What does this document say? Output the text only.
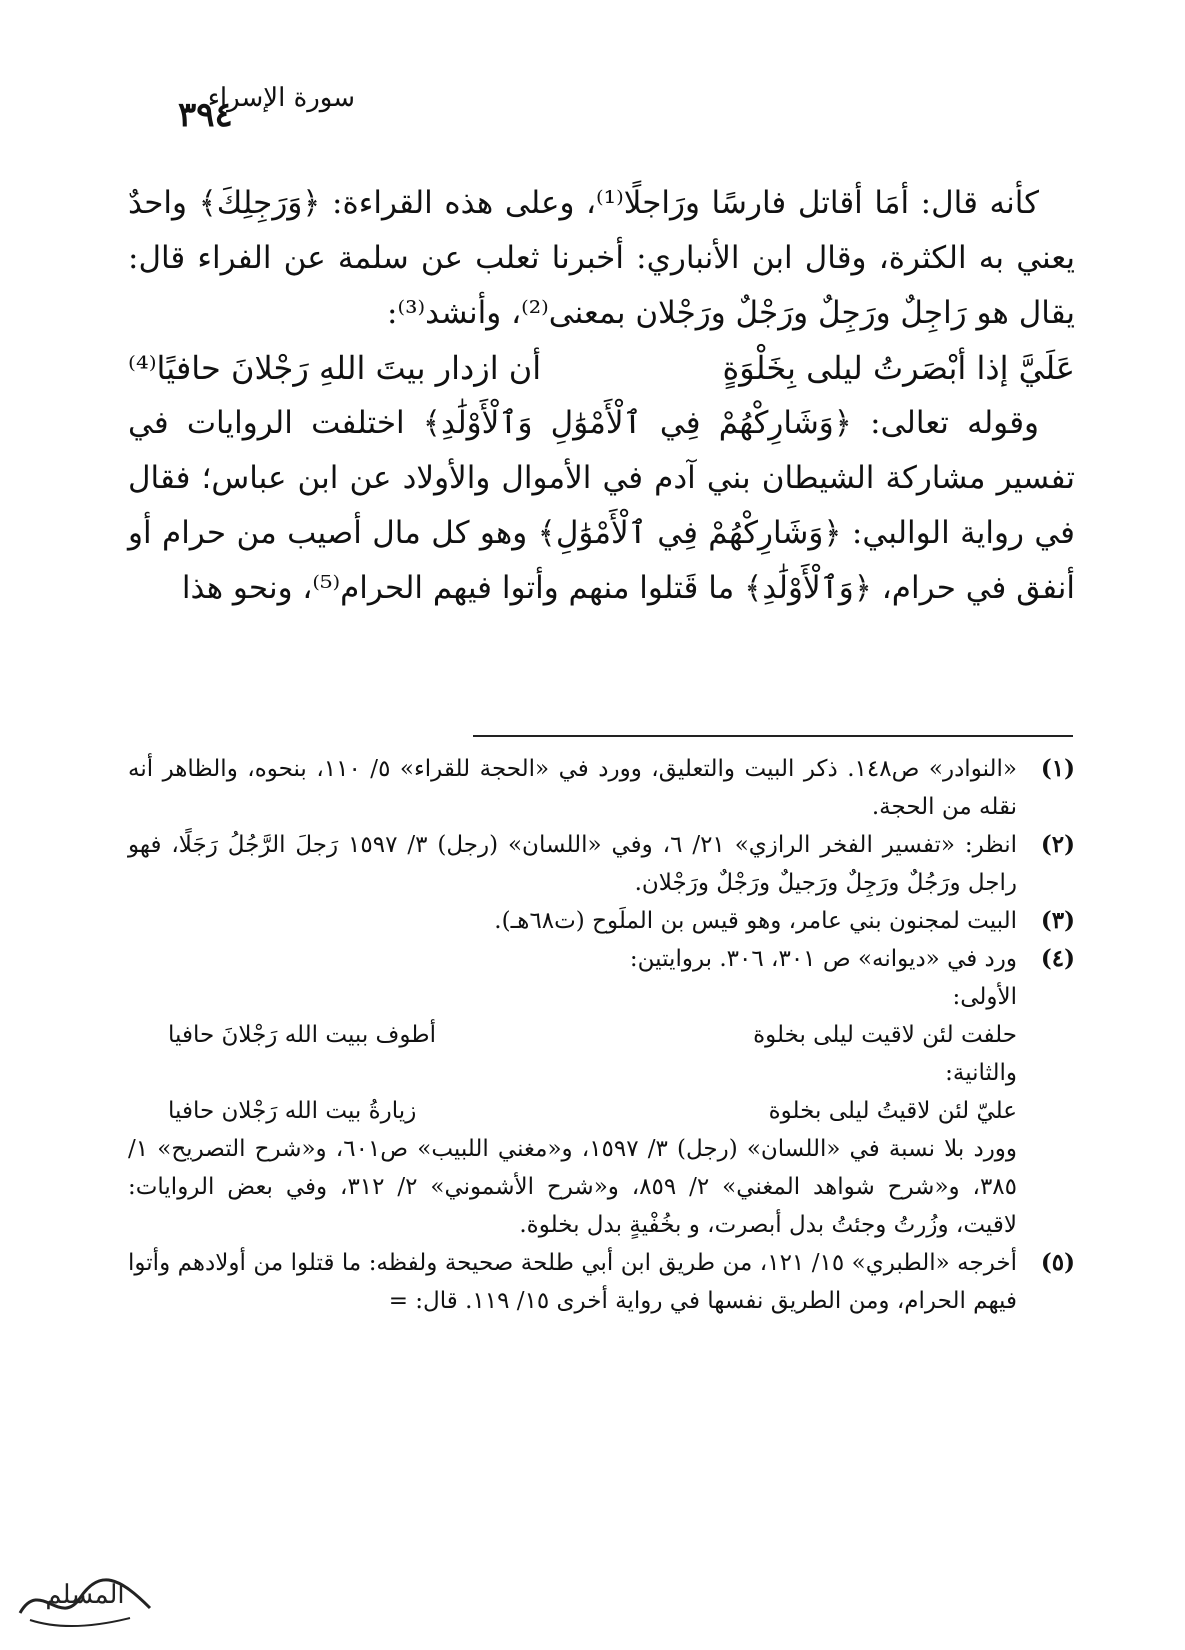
٣٩٤
سورة الإسراء

كأنه قال: أمَا أقاتل فارسًا ورَاجلًا⁽¹⁾، وعلى هذه القراءة: ﴿وَرَجِلِكَ﴾ واحدٌ يعني به الكثرة، وقال ابن الأنباري: أخبرنا ثعلب عن سلمة عن الفراء قال: يقال هو رَاجِلٌ ورَجِلٌ ورَجْلٌ ورَجْلان بمعنى⁽²⁾، وأنشد⁽³⁾:

عَلَيَّ إذا أبْصَرتُ ليلى بِخَلْوَةٍ
أن ازدار بيتَ اللهِ رَجْلانَ حافيًا⁽⁴⁾

وقوله تعالى: ﴿وَشَارِكْهُمْ فِي ٱلْأَمْوَٰلِ وَٱلْأَوْلَٰدِ﴾ اختلفت الروايات في تفسير مشاركة الشيطان بني آدم في الأموال والأولاد عن ابن عباس؛ فقال في رواية الوالبي: ﴿وَشَارِكْهُمْ فِي ٱلْأَمْوَٰلِ﴾ وهو كل مال أصيب من حرام أو أنفق في حرام، ﴿وَٱلْأَوْلَٰدِ﴾ ما قَتلوا منهم وأتوا فيهم الحرام⁽⁵⁾، ونحو هذا

(١)

«النوادر» ص١٤٨. ذكر البيت والتعليق، وورد في «الحجة للقراء» ٥/ ١١٠، بنحوه، والظاهر أنه نقله من الحجة.

(٢)

انظر: «تفسير الفخر الرازي» ٢١/ ٦، وفي «اللسان» (رجل) ٣/ ١٥٩٧ رَجلَ الرَّجُلُ رَجَلًا، فهو راجل ورَجُلٌ ورَجِلٌ ورَجيلٌ ورَجْلٌ ورَجْلان.

(٣)

البيت لمجنون بني عامر، وهو قيس بن الملَوح (ت٦٨هـ).

(٤)

ورد في «ديوانه» ص ٣٠١، ٣٠٦. بروايتين:

الأولى:

حلفت لئن لاقيت ليلى بخلوة
أطوف ببيت الله رَجْلانَ حافيا

والثانية:

عليّ لئن لاقيتُ ليلى بخلوة
زيارةُ بيت الله رَجْلان حافيا

وورد بلا نسبة في «اللسان» (رجل) ٣/ ١٥٩٧، و«مغني اللبيب» ص٦٠١، و«شرح التصريح» ١/ ٣٨٥، و«شرح شواهد المغني» ٢/ ٨٥٩، و«شرح الأشموني» ٢/ ٣١٢، وفي بعض الروايات: لاقيت، وزُرتُ وجئتُ بدل أبصرت، و بخُفْيةٍ بدل بخلوة.

(٥)

أخرجه «الطبري» ١٥/ ١٢١، من طريق ابن أبي طلحة صحيحة ولفظه: ما قتلوا من أولادهم وأتوا فيهم الحرام، ومن الطريق نفسها في رواية أخرى ١٥/ ١١٩. قال: =

المسلم
